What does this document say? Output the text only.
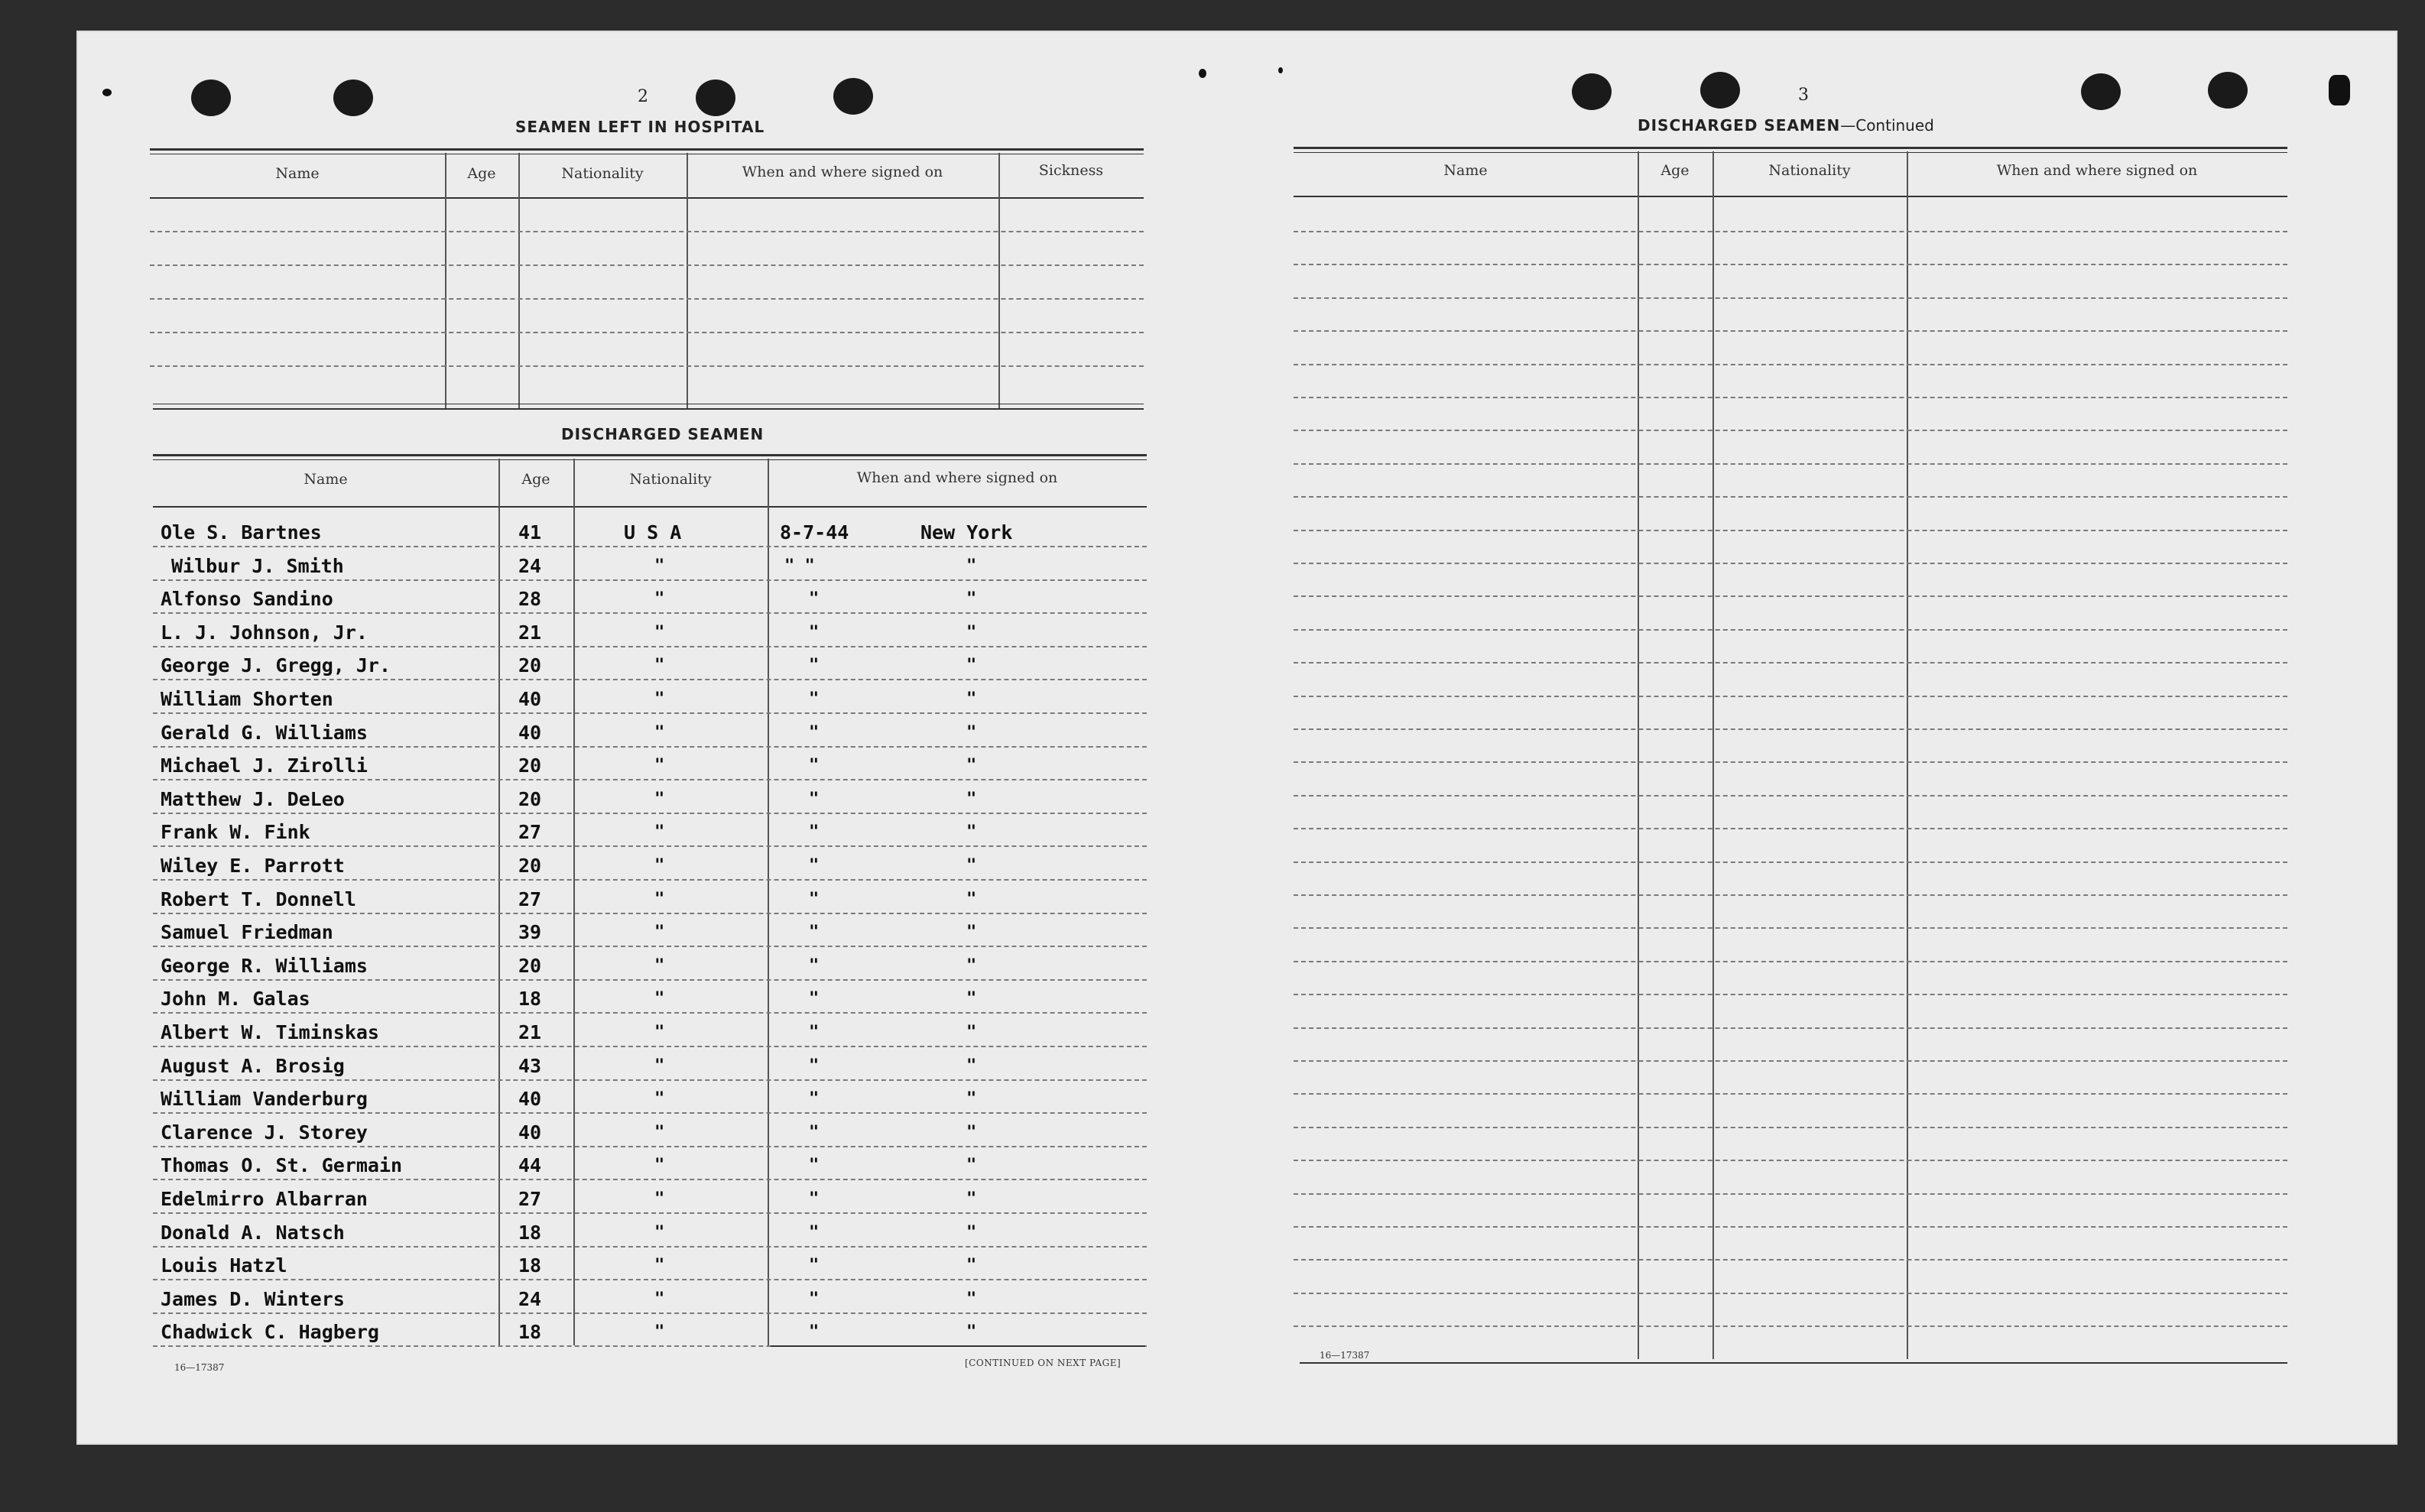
2
SEAMEN LEFT IN HOSPITAL
Name	Age	Nationality	When and where signed on	Sickness
DISCHARGED SEAMEN
Name	Age	Nationality	When and where signed on
Ole S. Bartnes	41	U S A	8-7-44	New York
Wilbur J. Smith	24	"	" "	"
Alfonso Sandino	28	"	"	"
L. J. Johnson, Jr.	21	"	"	"
George J. Gregg, Jr.	20	"	"	"
William Shorten	40	"	"	"
Gerald G. Williams	40	"	"	"
Michael J. Zirolli	20	"	"	"
Matthew J. DeLeo	20	"	"	"
Frank W. Fink	27	"	"	"
Wiley E. Parrott	20	"	"	"
Robert T. Donnell	27	"	"	"
Samuel Friedman	39	"	"	"
George R. Williams	20	"	"	"
John M. Galas	18	"	"	"
Albert W. Timinskas	21	"	"	"
August A. Brosig	43	"	"	"
William Vanderburg	40	"	"	"
Clarence J. Storey	40	"	"	"
Thomas O. St. Germain	44	"	"	"
Edelmirro Albarran	27	"	"	"
Donald A. Natsch	18	"	"	"
Louis Hatzl	18	"	"	"
James D. Winters	24	"	"	"
Chadwick C. Hagberg	18	"	"	"
16—17387	[CONTINUED ON NEXT PAGE]
3
DISCHARGED SEAMEN—Continued
Name	Age	Nationality	When and where signed on
16—17387
